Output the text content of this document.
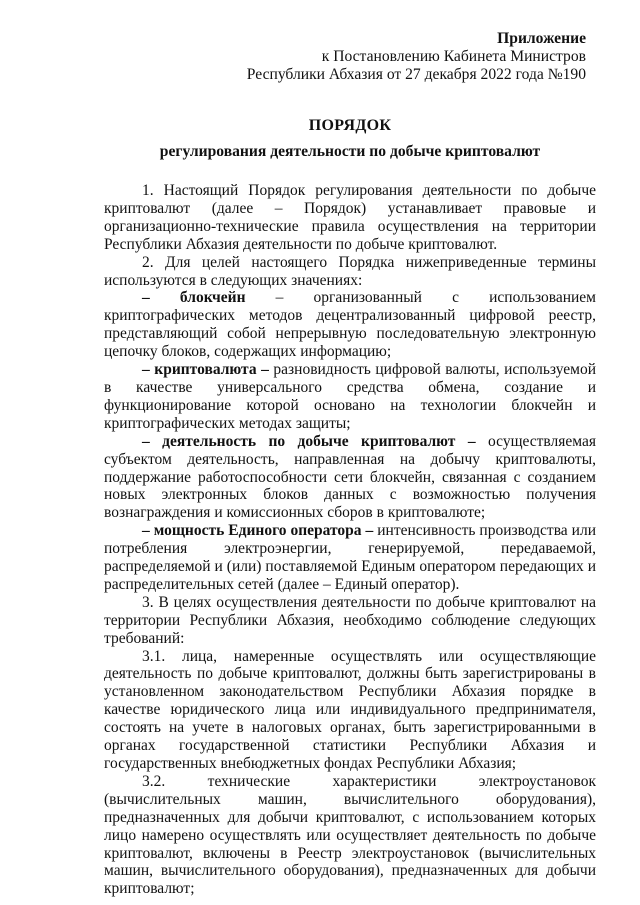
Приложение
к Постановлению Кабинета Министров
Республики Абхазия от 27 декабря 2022 года №190
ПОРЯДОК
регулирования деятельности по добыче криптовалют

1. Настоящий Порядок регулирования деятельности по добыче криптовалют (далее – Порядок) устанавливает правовые и организационно-технические правила осуществления на территории Республики Абхазия деятельности по добыче криптовалют.

2. Для целей настоящего Порядка нижеприведенные термины используются в следующих значениях:

– блокчейн – организованный с использованием криптографических методов децентрализованный цифровой реестр, представляющий собой непрерывную последовательную электронную цепочку блоков, содержащих информацию;

– криптовалюта – разновидность цифровой валюты, используемой в качестве универсального средства обмена, создание и функционирование которой основано на технологии блокчейн и криптографических методах защиты;

– деятельность по добыче криптовалют – осуществляемая субъектом деятельность, направленная на добычу криптовалюты, поддержание работоспособности сети блокчейн, связанная с созданием новых электронных блоков данных с возможностью получения вознаграждения и комиссионных сборов в криптовалюте;

– мощность Единого оператора – интенсивность производства или потребления электроэнергии, генерируемой, передаваемой, распределяемой и (или) поставляемой Единым оператором передающих и распределительных сетей (далее – Единый оператор).

3. В целях осуществления деятельности по добыче криптовалют на территории Республики Абхазия, необходимо соблюдение следующих требований:

3.1. лица, намеренные осуществлять или осуществляющие деятельность по добыче криптовалют, должны быть зарегистрированы в установленном законодательством Республики Абхазия порядке в качестве юридического лица или индивидуального предпринимателя, состоять на учете в налоговых органах, быть зарегистрированными в органах государственной статистики Республики Абхазия и государственных внебюджетных фондах Республики Абхазия;

3.2. технические характеристики электроустановок (вычислительных машин, вычислительного оборудования), предназначенных для добычи криптовалют, с использованием которых лицо намерено осуществлять или осуществляет деятельность по добыче криптовалют, включены в Реестр электроустановок (вычислительных машин, вычислительного оборудования), предназначенных для добычи криптовалют;
